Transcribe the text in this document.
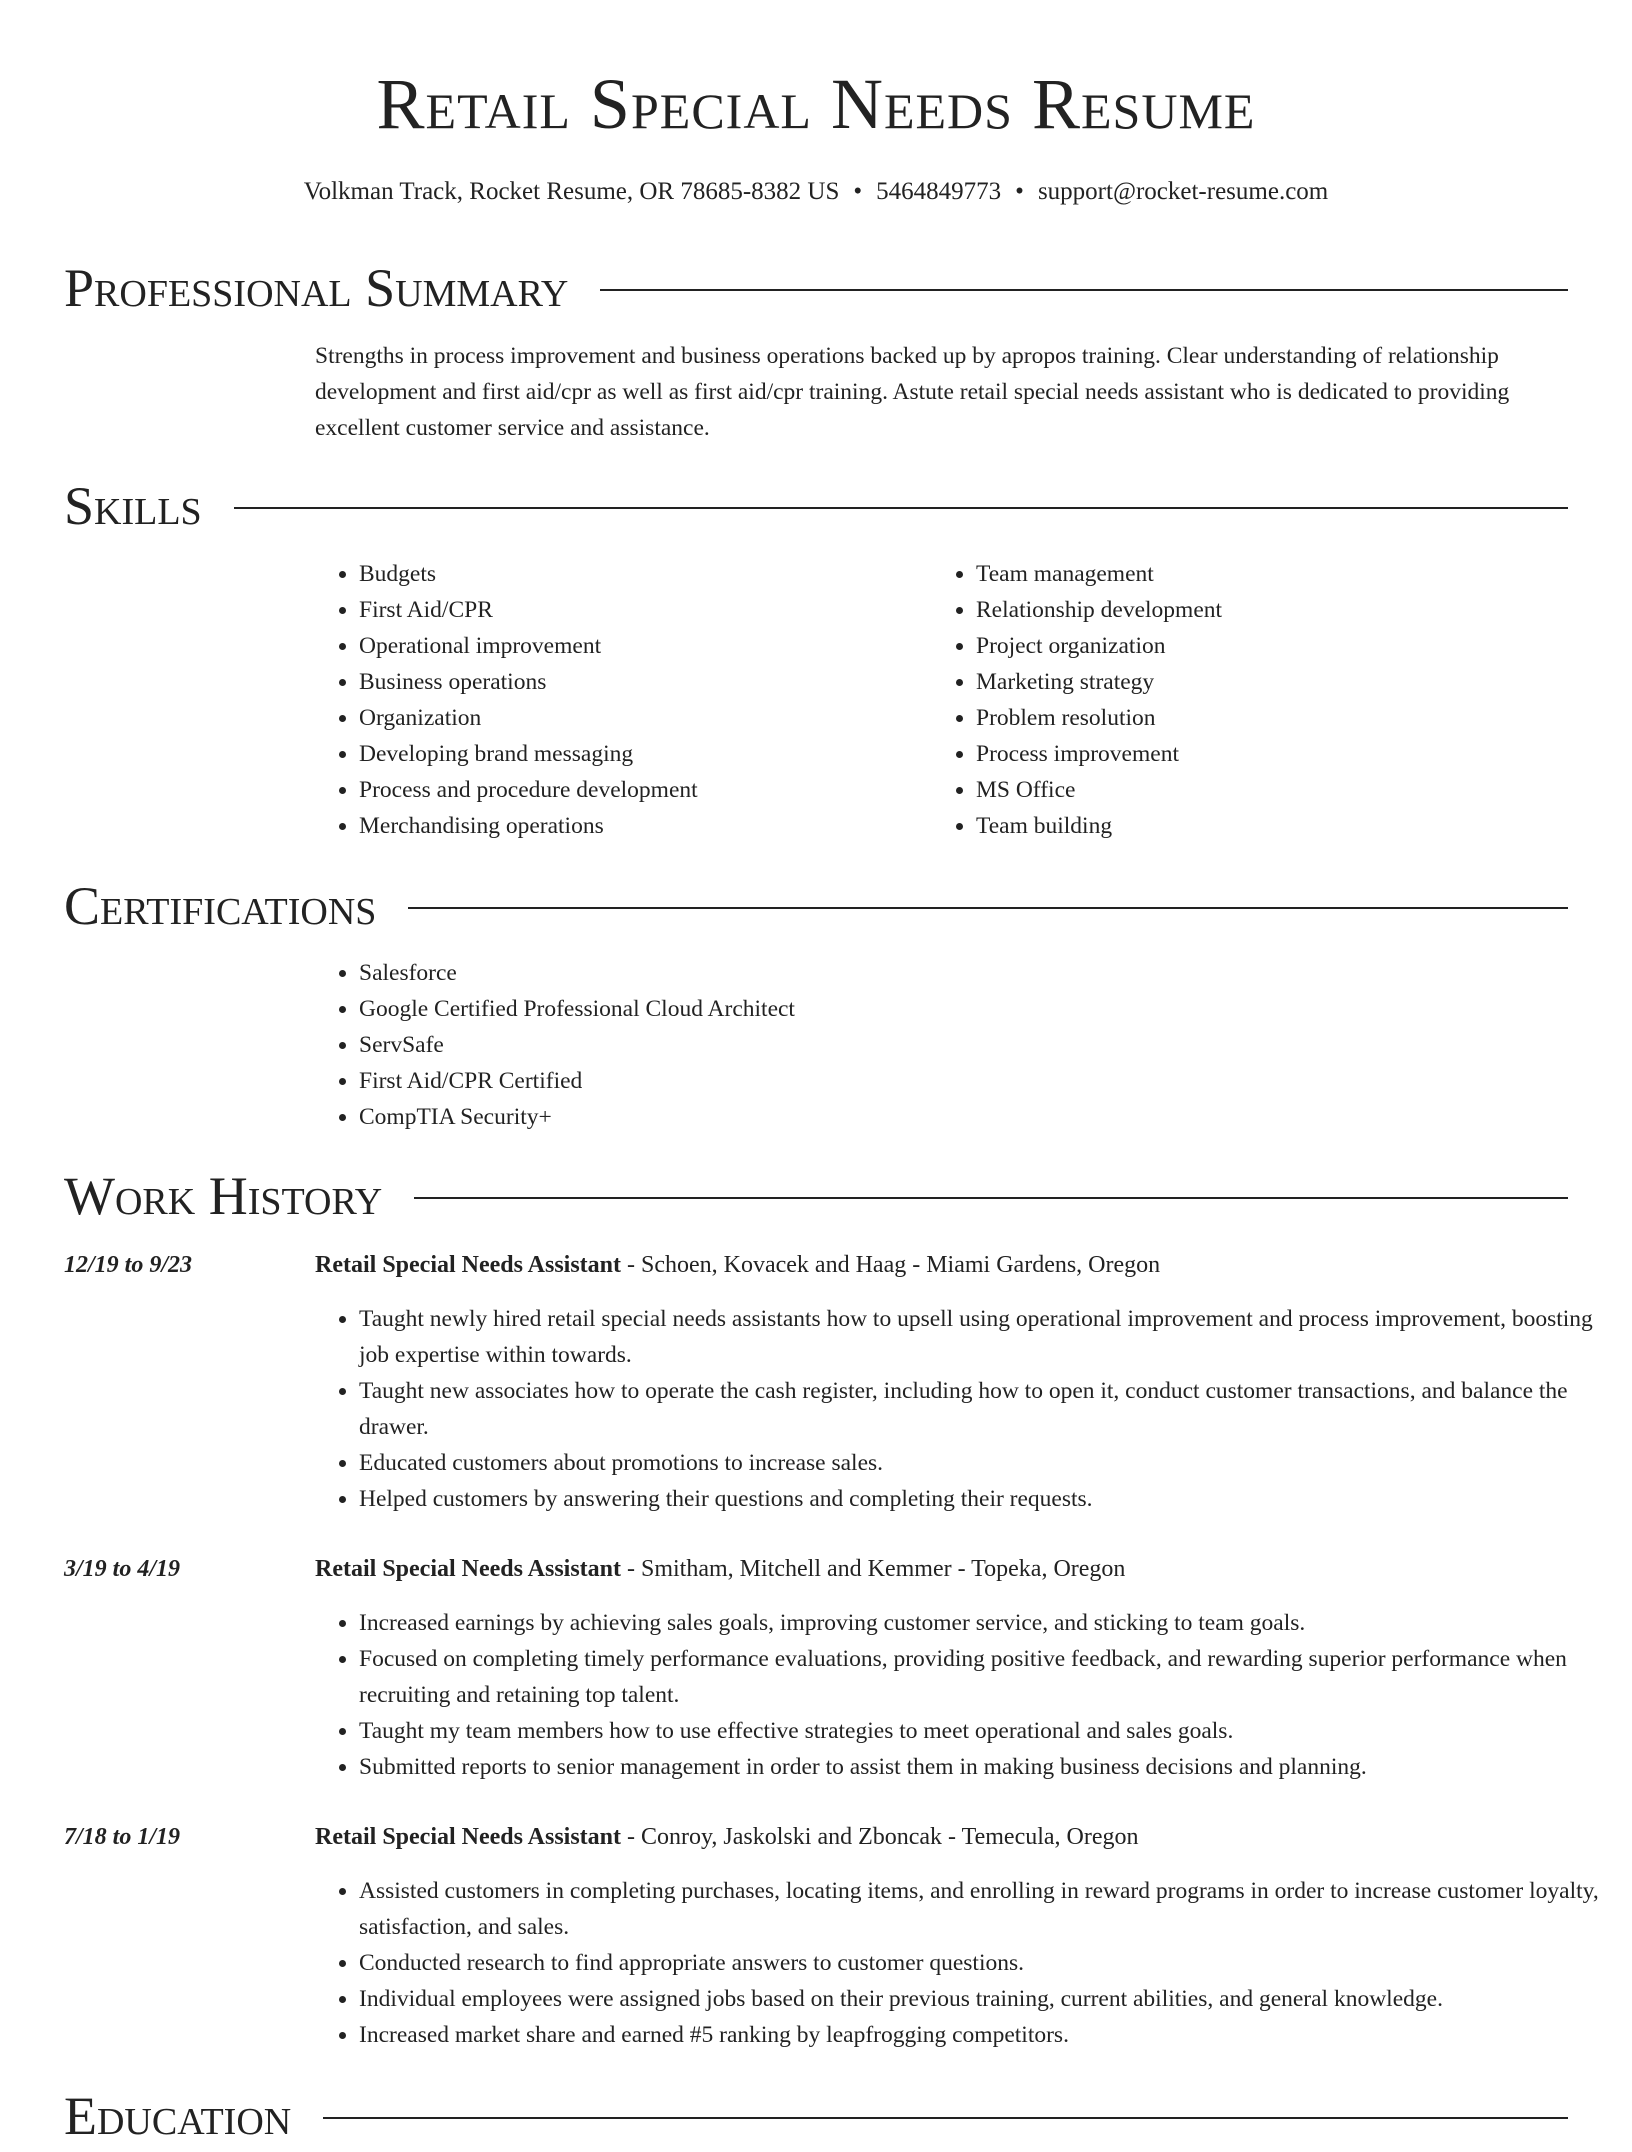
Retail Special Needs Resume
Volkman Track, Rocket Resume, OR 78685-8382 US • 5464849773 • support@rocket-resume.com
Professional Summary
Strengths in process improvement and business operations backed up by apropos training. Clear understanding of relationship development and first aid/cpr as well as first aid/cpr training. Astute retail special needs assistant who is dedicated to providing excellent customer service and assistance.
Skills
• Budgets
• First Aid/CPR
• Operational improvement
• Business operations
• Organization
• Developing brand messaging
• Process and procedure development
• Merchandising operations
• Team management
• Relationship development
• Project organization
• Marketing strategy
• Problem resolution
• Process improvement
• MS Office
• Team building
Certifications
• Salesforce
• Google Certified Professional Cloud Architect
• ServSafe
• First Aid/CPR Certified
• CompTIA Security+
Work History
12/19 to 9/23	Retail Special Needs Assistant - Schoen, Kovacek and Haag - Miami Gardens, Oregon
• Taught newly hired retail special needs assistants how to upsell using operational improvement and process improvement, boosting job expertise within towards.
• Taught new associates how to operate the cash register, including how to open it, conduct customer transactions, and balance the drawer.
• Educated customers about promotions to increase sales.
• Helped customers by answering their questions and completing their requests.
3/19 to 4/19	Retail Special Needs Assistant - Smitham, Mitchell and Kemmer - Topeka, Oregon
• Increased earnings by achieving sales goals, improving customer service, and sticking to team goals.
• Focused on completing timely performance evaluations, providing positive feedback, and rewarding superior performance when recruiting and retaining top talent.
• Taught my team members how to use effective strategies to meet operational and sales goals.
• Submitted reports to senior management in order to assist them in making business decisions and planning.
7/18 to 1/19	Retail Special Needs Assistant - Conroy, Jaskolski and Zboncak - Temecula, Oregon
• Assisted customers in completing purchases, locating items, and enrolling in reward programs in order to increase customer loyalty, satisfaction, and sales.
• Conducted research to find appropriate answers to customer questions.
• Individual employees were assigned jobs based on their previous training, current abilities, and general knowledge.
• Increased market share and earned #5 ranking by leapfrogging competitors.
Education
